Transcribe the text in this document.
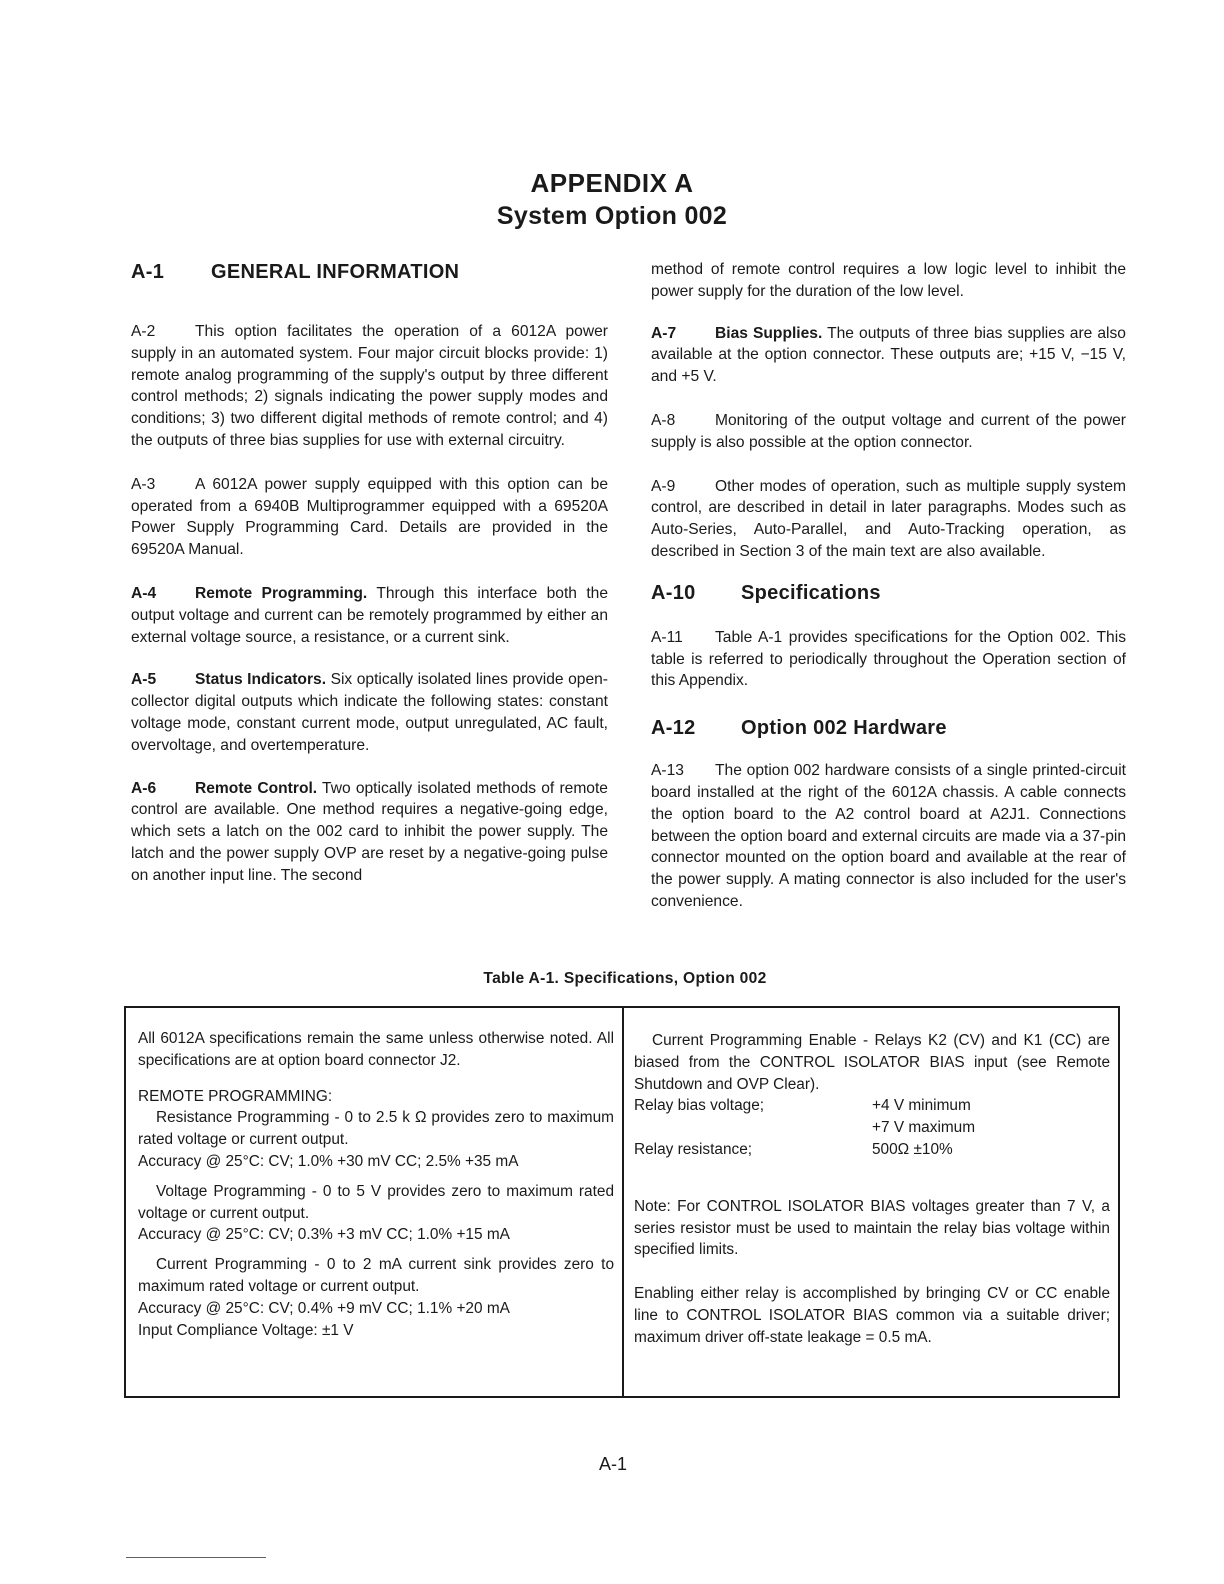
APPENDIX A
System Option 002
A-1 GENERAL INFORMATION

A-2	This option facilitates the operation of a 6012A power supply in an automated system. Four major circuit blocks provide: 1) remote analog programming of the supply's output by three different control methods; 2) signals indicating the power supply modes and conditions; 3) two different digital methods of remote control; and 4) the outputs of three bias supplies for use with external circuitry.

A-3	A 6012A power supply equipped with this option can be operated from a 6940B Multiprogrammer equipped with a 69520A Power Supply Programming Card. Details are provided in the 69520A Manual.

A-4 Remote Programming. Through this interface both the output voltage and current can be remotely programmed by either an external voltage source, a resistance, or a current sink.

A-5 Status Indicators. Six optically isolated lines provide open-collector digital outputs which indicate the following states: constant voltage mode, constant current mode, output unregulated, AC fault, overvoltage, and overtemperature.

A-6 Remote Control. Two optically isolated methods of remote control are available. One method requires a negative-going edge, which sets a latch on the 002 card to inhibit the power supply. The latch and the power supply OVP are reset by a negative-going pulse on another input line. The second

method of remote control requires a low logic level to inhibit the power supply for the duration of the low level.

A-7 Bias Supplies. The outputs of three bias supplies are also available at the option connector. These outputs are; +15 V, −15 V, and +5 V.

A-8	Monitoring of the output voltage and current of the power supply is also possible at the option connector.

A-9	Other modes of operation, such as multiple supply system control, are described in detail in later paragraphs. Modes such as Auto-Series, Auto-Parallel, and Auto-Tracking operation, as described in Section 3 of the main text are also available.

A-10 Specifications

A-11 Table A-1 provides specifications for the Option 002. This table is referred to periodically throughout the Operation section of this Appendix.

A-12 Option 002 Hardware

A-13 The option 002 hardware consists of a single printed-circuit board installed at the right of the 6012A chassis. A cable connects the option board to the A2 control board at A2J1. Connections between the option board and external circuits are made via a 37-pin connector mounted on the option board and available at the rear of the power supply. A mating connector is also included for the user's convenience.

Table A-1. Specifications, Option 002

All 6012A specifications remain the same unless otherwise noted. All specifications are at option board connector J2.

REMOTE PROGRAMMING:

Resistance Programming - 0 to 2.5 k Ω provides zero to maximum rated voltage or current output.

Accuracy @ 25°C: CV; 1.0% +30 mV CC; 2.5% +35 mA

Voltage Programming - 0 to 5 V provides zero to maximum rated voltage or current output.

Accuracy @ 25°C: CV; 0.3% +3 mV CC; 1.0% +15 mA

Current Programming - 0 to 2 mA current sink provides zero to maximum rated voltage or current output.

Accuracy @ 25°C: CV; 0.4% +9 mV CC; 1.1% +20 mA

Input Compliance Voltage: ±1 V

Current Programming Enable - Relays K2 (CV) and K1 (CC) are biased from the CONTROL ISOLATOR BIAS input (see Remote Shutdown and OVP Clear).

Relay bias voltage;	+4 V minimum
+7 V maximum
Relay resistance;	500Ω ±10%

Note: For CONTROL ISOLATOR BIAS voltages greater than 7 V, a series resistor must be used to maintain the relay bias voltage within specified limits.

Enabling either relay is accomplished by bringing CV or CC enable line to CONTROL ISOLATOR BIAS common via a suitable driver; maximum driver off-state leakage = 0.5 mA.

A-1
